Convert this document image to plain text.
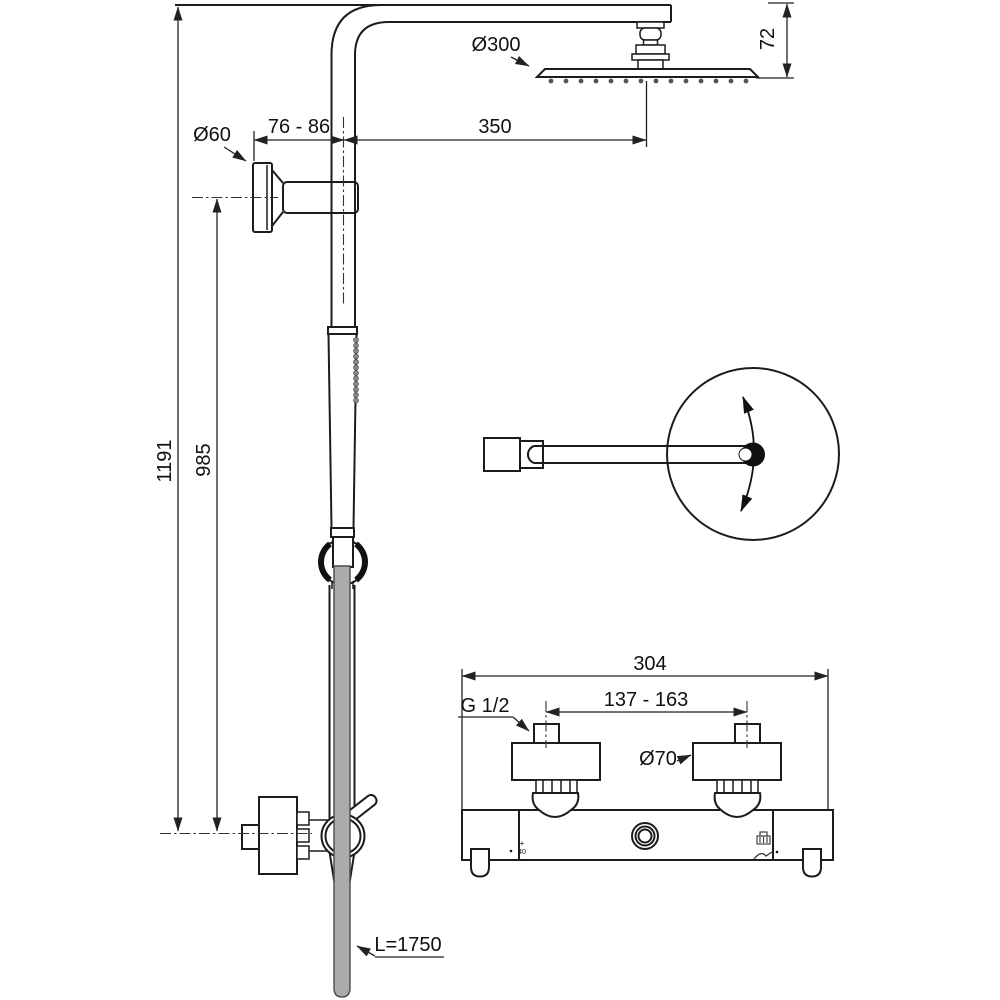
+
40
−
Ø300	72
350
76 - 86
Ø60
1191 985
L=1750
304
137 - 163
G 1/2
Ø70
